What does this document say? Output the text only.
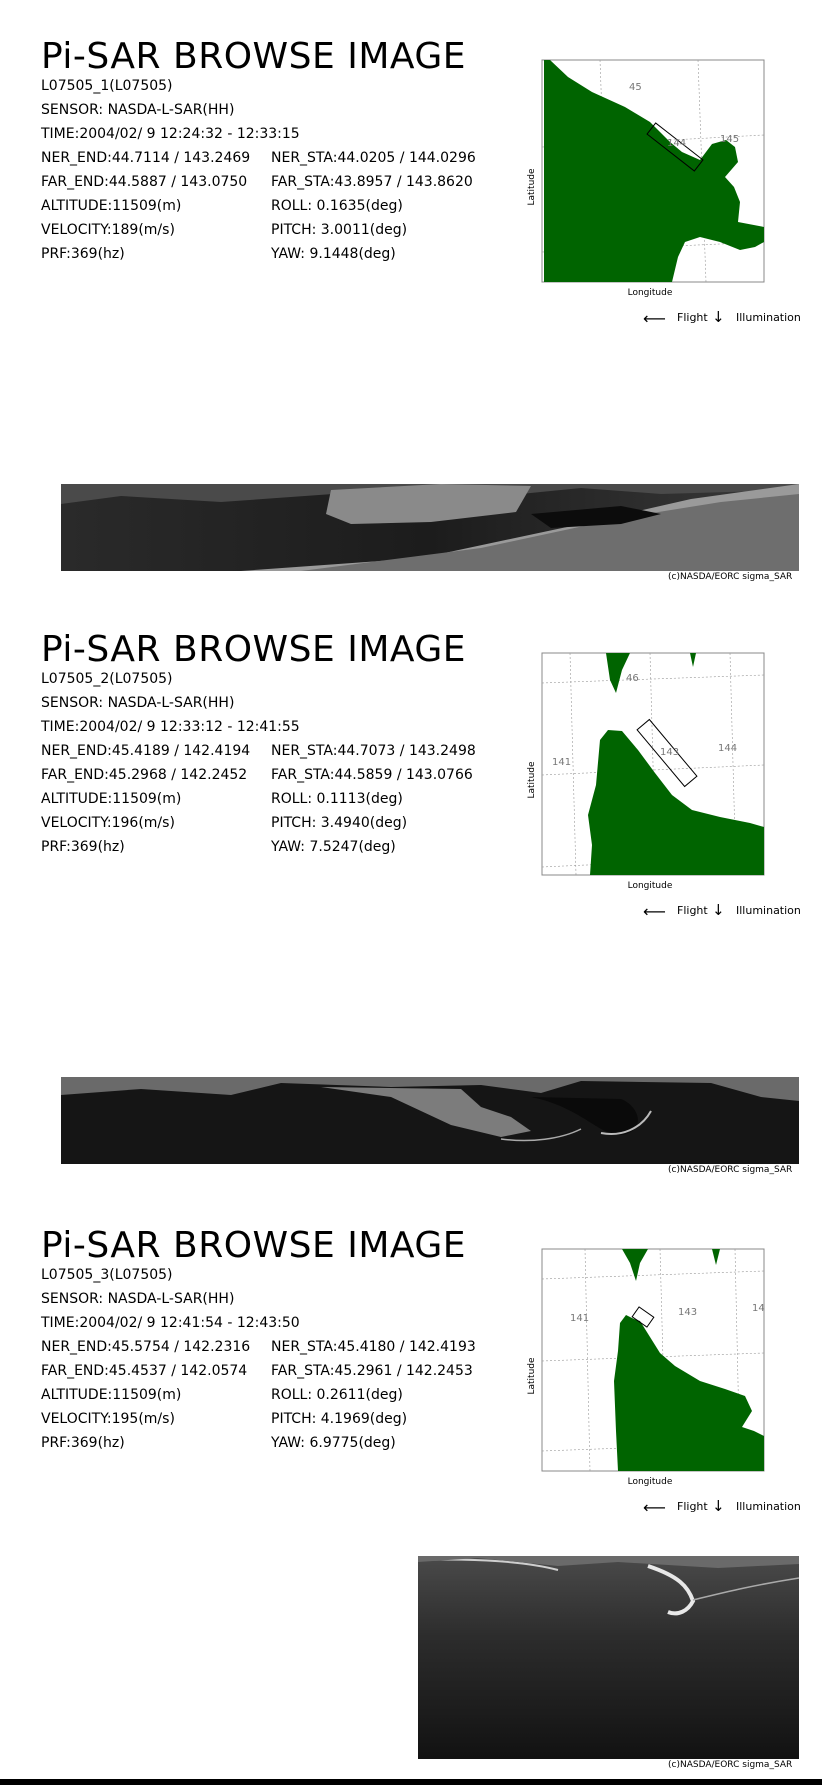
Pi-SAR BROWSE IMAGE
L07505_1(L07505)
SENSOR: NASDA-L-SAR(HH)
TIME:2004/02/ 9 12:24:32 - 12:33:15
NER_END:44.7114 / 143.2469	NER_STA:44.0205 / 144.0296
FAR_END:44.5887 / 143.0750	FAR_STA:43.8957 / 143.8620
ALTITUDE:11509(m)	ROLL: 0.1635(deg)
VELOCITY:189(m/s)	PITCH: 3.0011(deg)
PRF:369(hz)	YAW: 9.1448(deg)
Latitude
45
144	145
Longitude
⟵ Flight ↓ Illumination
(c)NASDA/EORC sigma_SAR
Pi-SAR BROWSE IMAGE
L07505_2(L07505)
SENSOR: NASDA-L-SAR(HH)
TIME:2004/02/ 9 12:33:12 - 12:41:55
NER_END:45.4189 / 142.4194	NER_STA:44.7073 / 143.2498
FAR_END:45.2968 / 142.2452	FAR_STA:44.5859 / 143.0766
ALTITUDE:11509(m)	ROLL: 0.1113(deg)
VELOCITY:196(m/s)	PITCH: 3.4940(deg)
PRF:369(hz)	YAW: 7.5247(deg)
Latitude
46
141
143	144
Longitude
⟵ Flight ↓ Illumination
(c)NASDA/EORC sigma_SAR
Pi-SAR BROWSE IMAGE
L07505_3(L07505)
SENSOR: NASDA-L-SAR(HH)
TIME:2004/02/ 9 12:41:54 - 12:43:50
NER_END:45.5754 / 142.2316	NER_STA:45.4180 / 142.4193
FAR_END:45.4537 / 142.0574	FAR_STA:45.2961 / 142.2453
ALTITUDE:11509(m)	ROLL: 0.2611(deg)
VELOCITY:195(m/s)	PITCH: 4.1969(deg)
PRF:369(hz)	YAW: 6.9775(deg)
Latitude
141
143	14
Longitude
⟵ Flight ↓ Illumination
(c)NASDA/EORC sigma_SAR
